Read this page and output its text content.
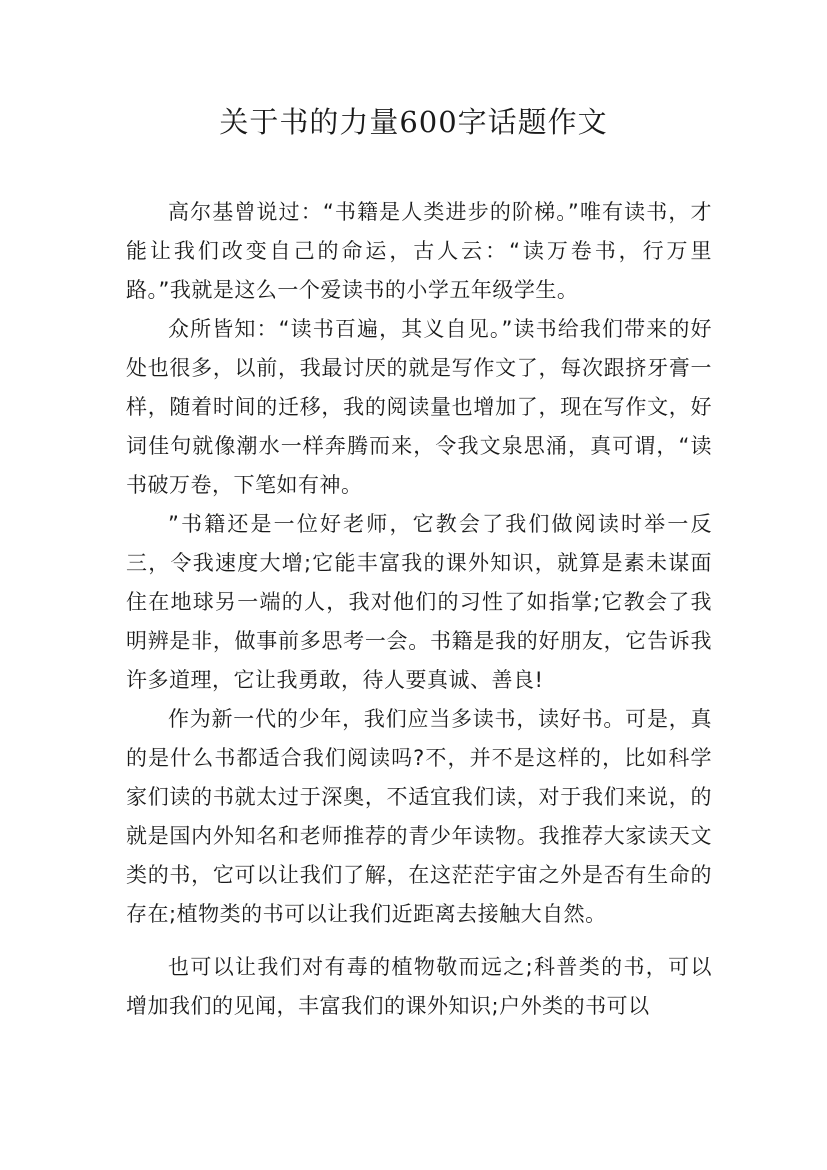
关于书的力量600字话题作文

高尔基曾说过：“书籍是人类进步的阶梯。”唯有读书，才能让我们改变自己的命运，古人云：“读万卷书，行万里路。”我就是这么一个爱读书的小学五年级学生。

众所皆知：“读书百遍，其义自见。”读书给我们带来的好处也很多，以前，我最讨厌的就是写作文了，每次跟挤牙膏一样，随着时间的迁移，我的阅读量也增加了，现在写作文，好词佳句就像潮水一样奔腾而来，令我文泉思涌，真可谓，“读书破万卷，下笔如有神。

”书籍还是一位好老师，它教会了我们做阅读时举一反三，令我速度大增;它能丰富我的课外知识，就算是素未谋面住在地球另一端的人，我对他们的习性了如指掌;它教会了我明辨是非，做事前多思考一会。书籍是我的好朋友，它告诉我许多道理，它让我勇敢，待人要真诚、善良!

作为新一代的少年，我们应当多读书，读好书。可是，真的是什么书都适合我们阅读吗?不，并不是这样的，比如科学家们读的书就太过于深奥，不适宜我们读，对于我们来说，的就是国内外知名和老师推荐的青少年读物。我推荐大家读天文类的书，它可以让我们了解，在这茫茫宇宙之外是否有生命的存在;植物类的书可以让我们近距离去接触大自然。

也可以让我们对有毒的植物敬而远之;科普类的书，可以增加我们的见闻，丰富我们的课外知识;户外类的书可以
